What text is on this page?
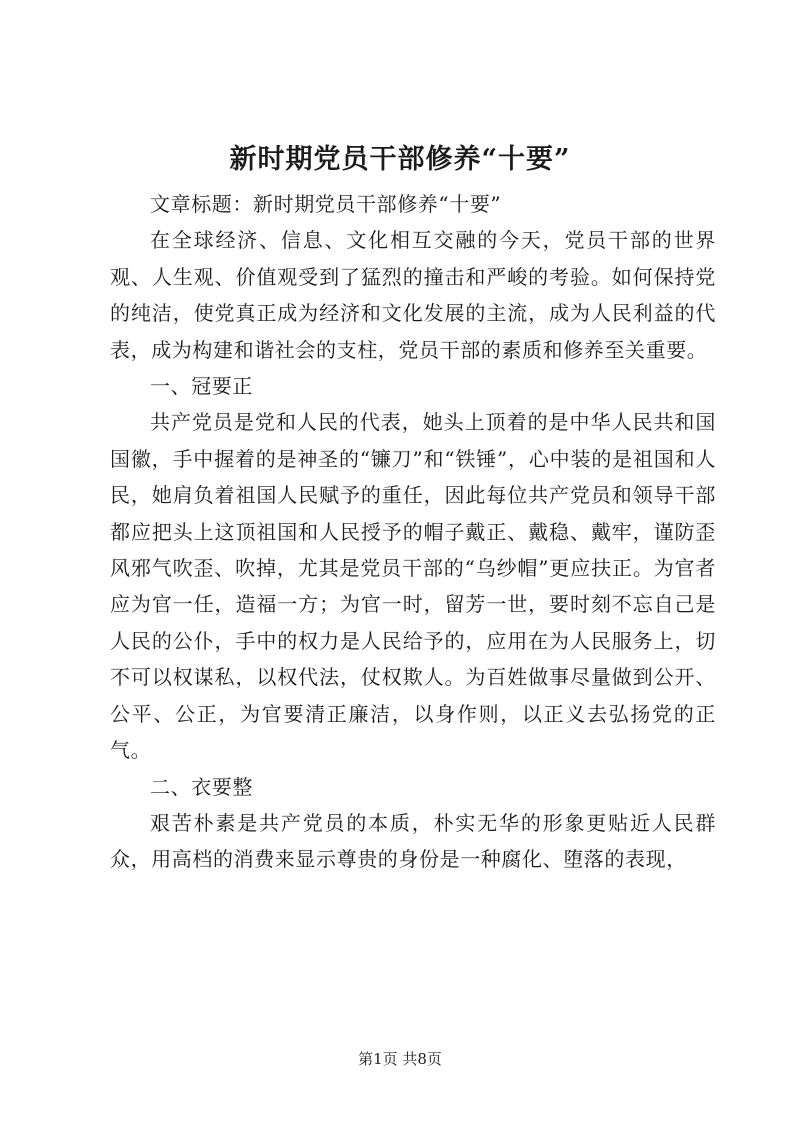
新时期党员干部修养“十要”

文章标题：新时期党员干部修养“十要”

在全球经济、信息、文化相互交融的今天，党员干部的世界观、人生观、价值观受到了猛烈的撞击和严峻的考验。如何保持党的纯洁，使党真正成为经济和文化发展的主流，成为人民利益的代表，成为构建和谐社会的支柱，党员干部的素质和修养至关重要。

一、冠要正

共产党员是党和人民的代表，她头上顶着的是中华人民共和国国徽，手中握着的是神圣的“镰刀”和“铁锤”，心中装的是祖国和人民，她肩负着祖国人民赋予的重任，因此每位共产党员和领导干部都应把头上这顶祖国和人民授予的帽子戴正、戴稳、戴牢，谨防歪风邪气吹歪、吹掉，尤其是党员干部的“乌纱帽”更应扶正。为官者应为官一任，造福一方；为官一时，留芳一世，要时刻不忘自己是人民的公仆，手中的权力是人民给予的，应用在为人民服务上，切不可以权谋私，以权代法，仗权欺人。为百姓做事尽量做到公开、公平、公正，为官要清正廉洁，以身作则，以正义去弘扬党的正气。

二、衣要整

艰苦朴素是共产党员的本质，朴实无华的形象更贴近人民群众，用高档的消费来显示尊贵的身份是一种腐化、堕落的表现，

第1页 共8页
